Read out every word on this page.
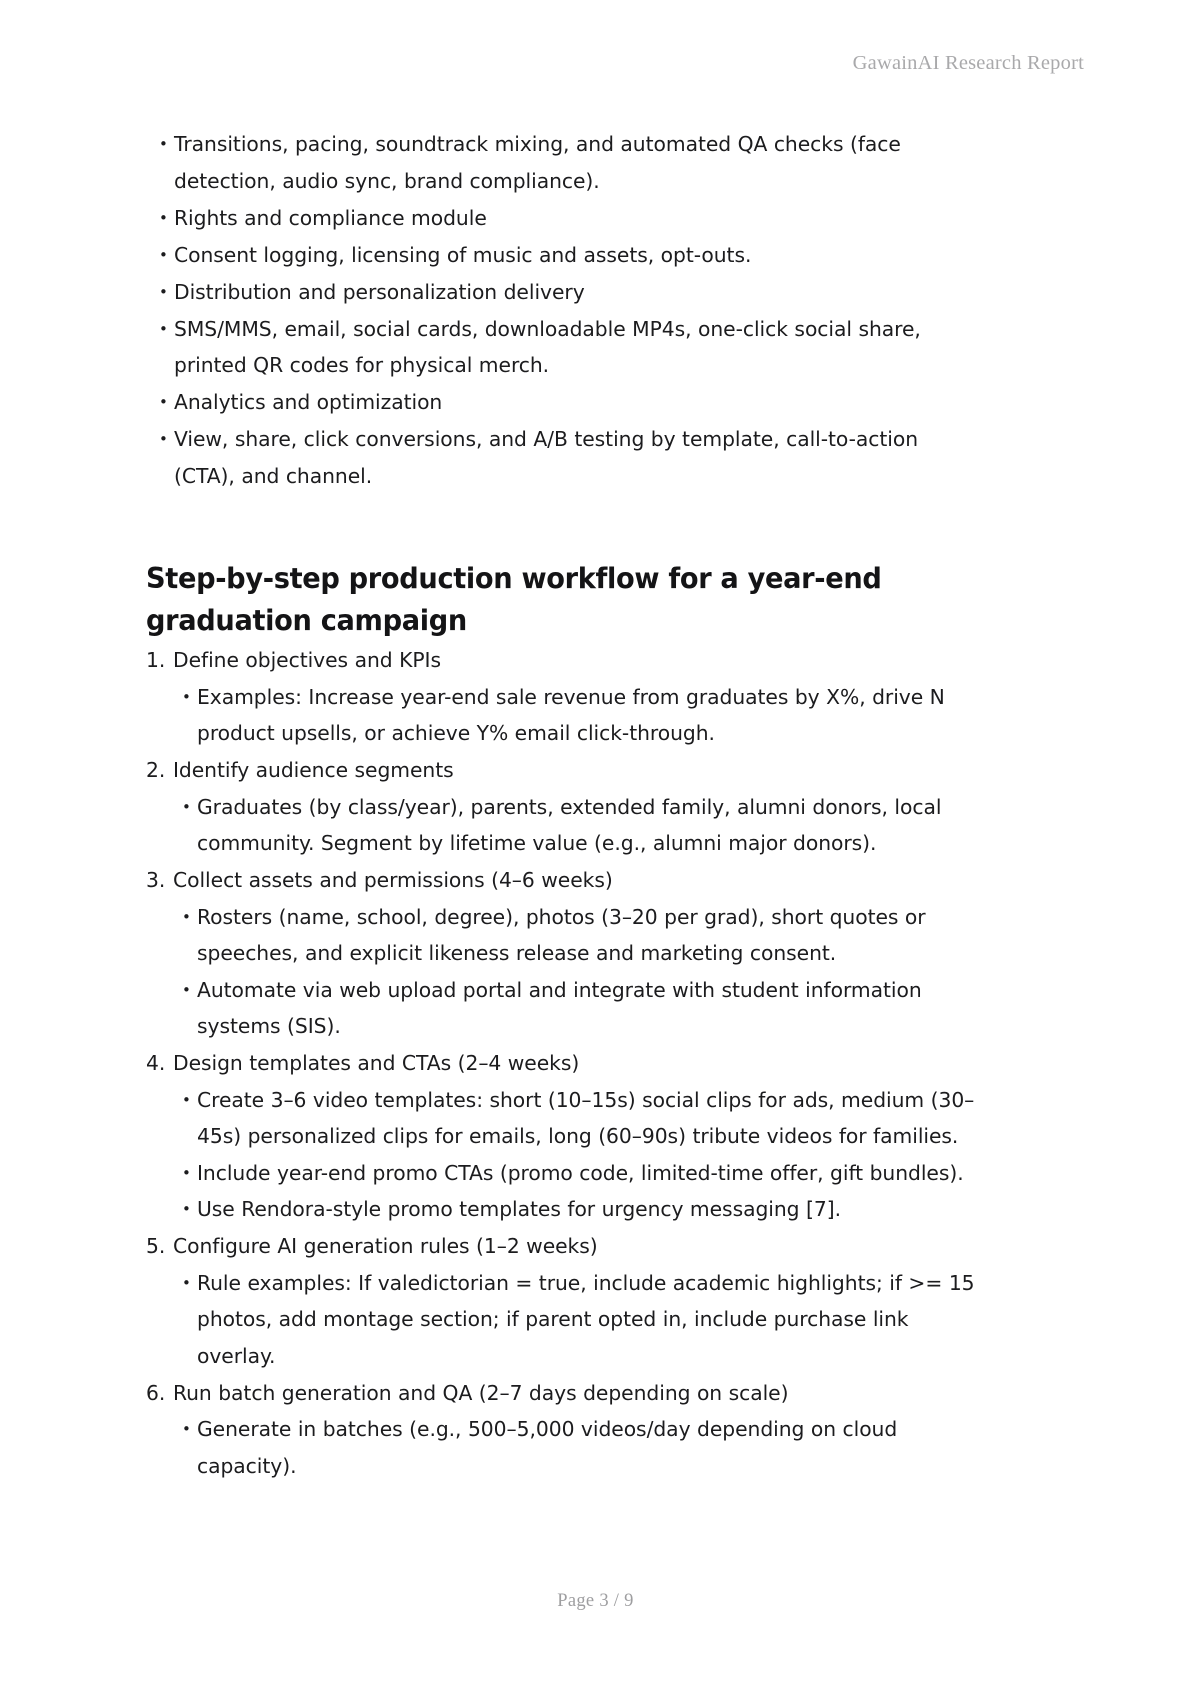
GawainAI Research Report
• Transitions, pacing, soundtrack mixing, and automated QA checks (face detection, audio sync, brand compliance).
• Rights and compliance module
• Consent logging, licensing of music and assets, opt-outs.
• Distribution and personalization delivery
• SMS/MMS, email, social cards, downloadable MP4s, one-click social share, printed QR codes for physical merch.
• Analytics and optimization
• View, share, click conversions, and A/B testing by template, call-to-action (CTA), and channel.
Step-by-step production workflow for a year-end graduation campaign
1. Define objectives and KPIs
• Examples: Increase year-end sale revenue from graduates by X%, drive N product upsells, or achieve Y% email click-through.
2. Identify audience segments
• Graduates (by class/year), parents, extended family, alumni donors, local community. Segment by lifetime value (e.g., alumni major donors).
3. Collect assets and permissions (4–6 weeks)
• Rosters (name, school, degree), photos (3–20 per grad), short quotes or speeches, and explicit likeness release and marketing consent.
• Automate via web upload portal and integrate with student information systems (SIS).
4. Design templates and CTAs (2–4 weeks)
• Create 3–6 video templates: short (10–15s) social clips for ads, medium (30–45s) personalized clips for emails, long (60–90s) tribute videos for families.
• Include year-end promo CTAs (promo code, limited-time offer, gift bundles).
• Use Rendora-style promo templates for urgency messaging [7].
5. Configure AI generation rules (1–2 weeks)
• Rule examples: If valedictorian = true, include academic highlights; if >= 15 photos, add montage section; if parent opted in, include purchase link overlay.
6. Run batch generation and QA (2–7 days depending on scale)
• Generate in batches (e.g., 500–5,000 videos/day depending on cloud capacity).
Page 3 / 9
